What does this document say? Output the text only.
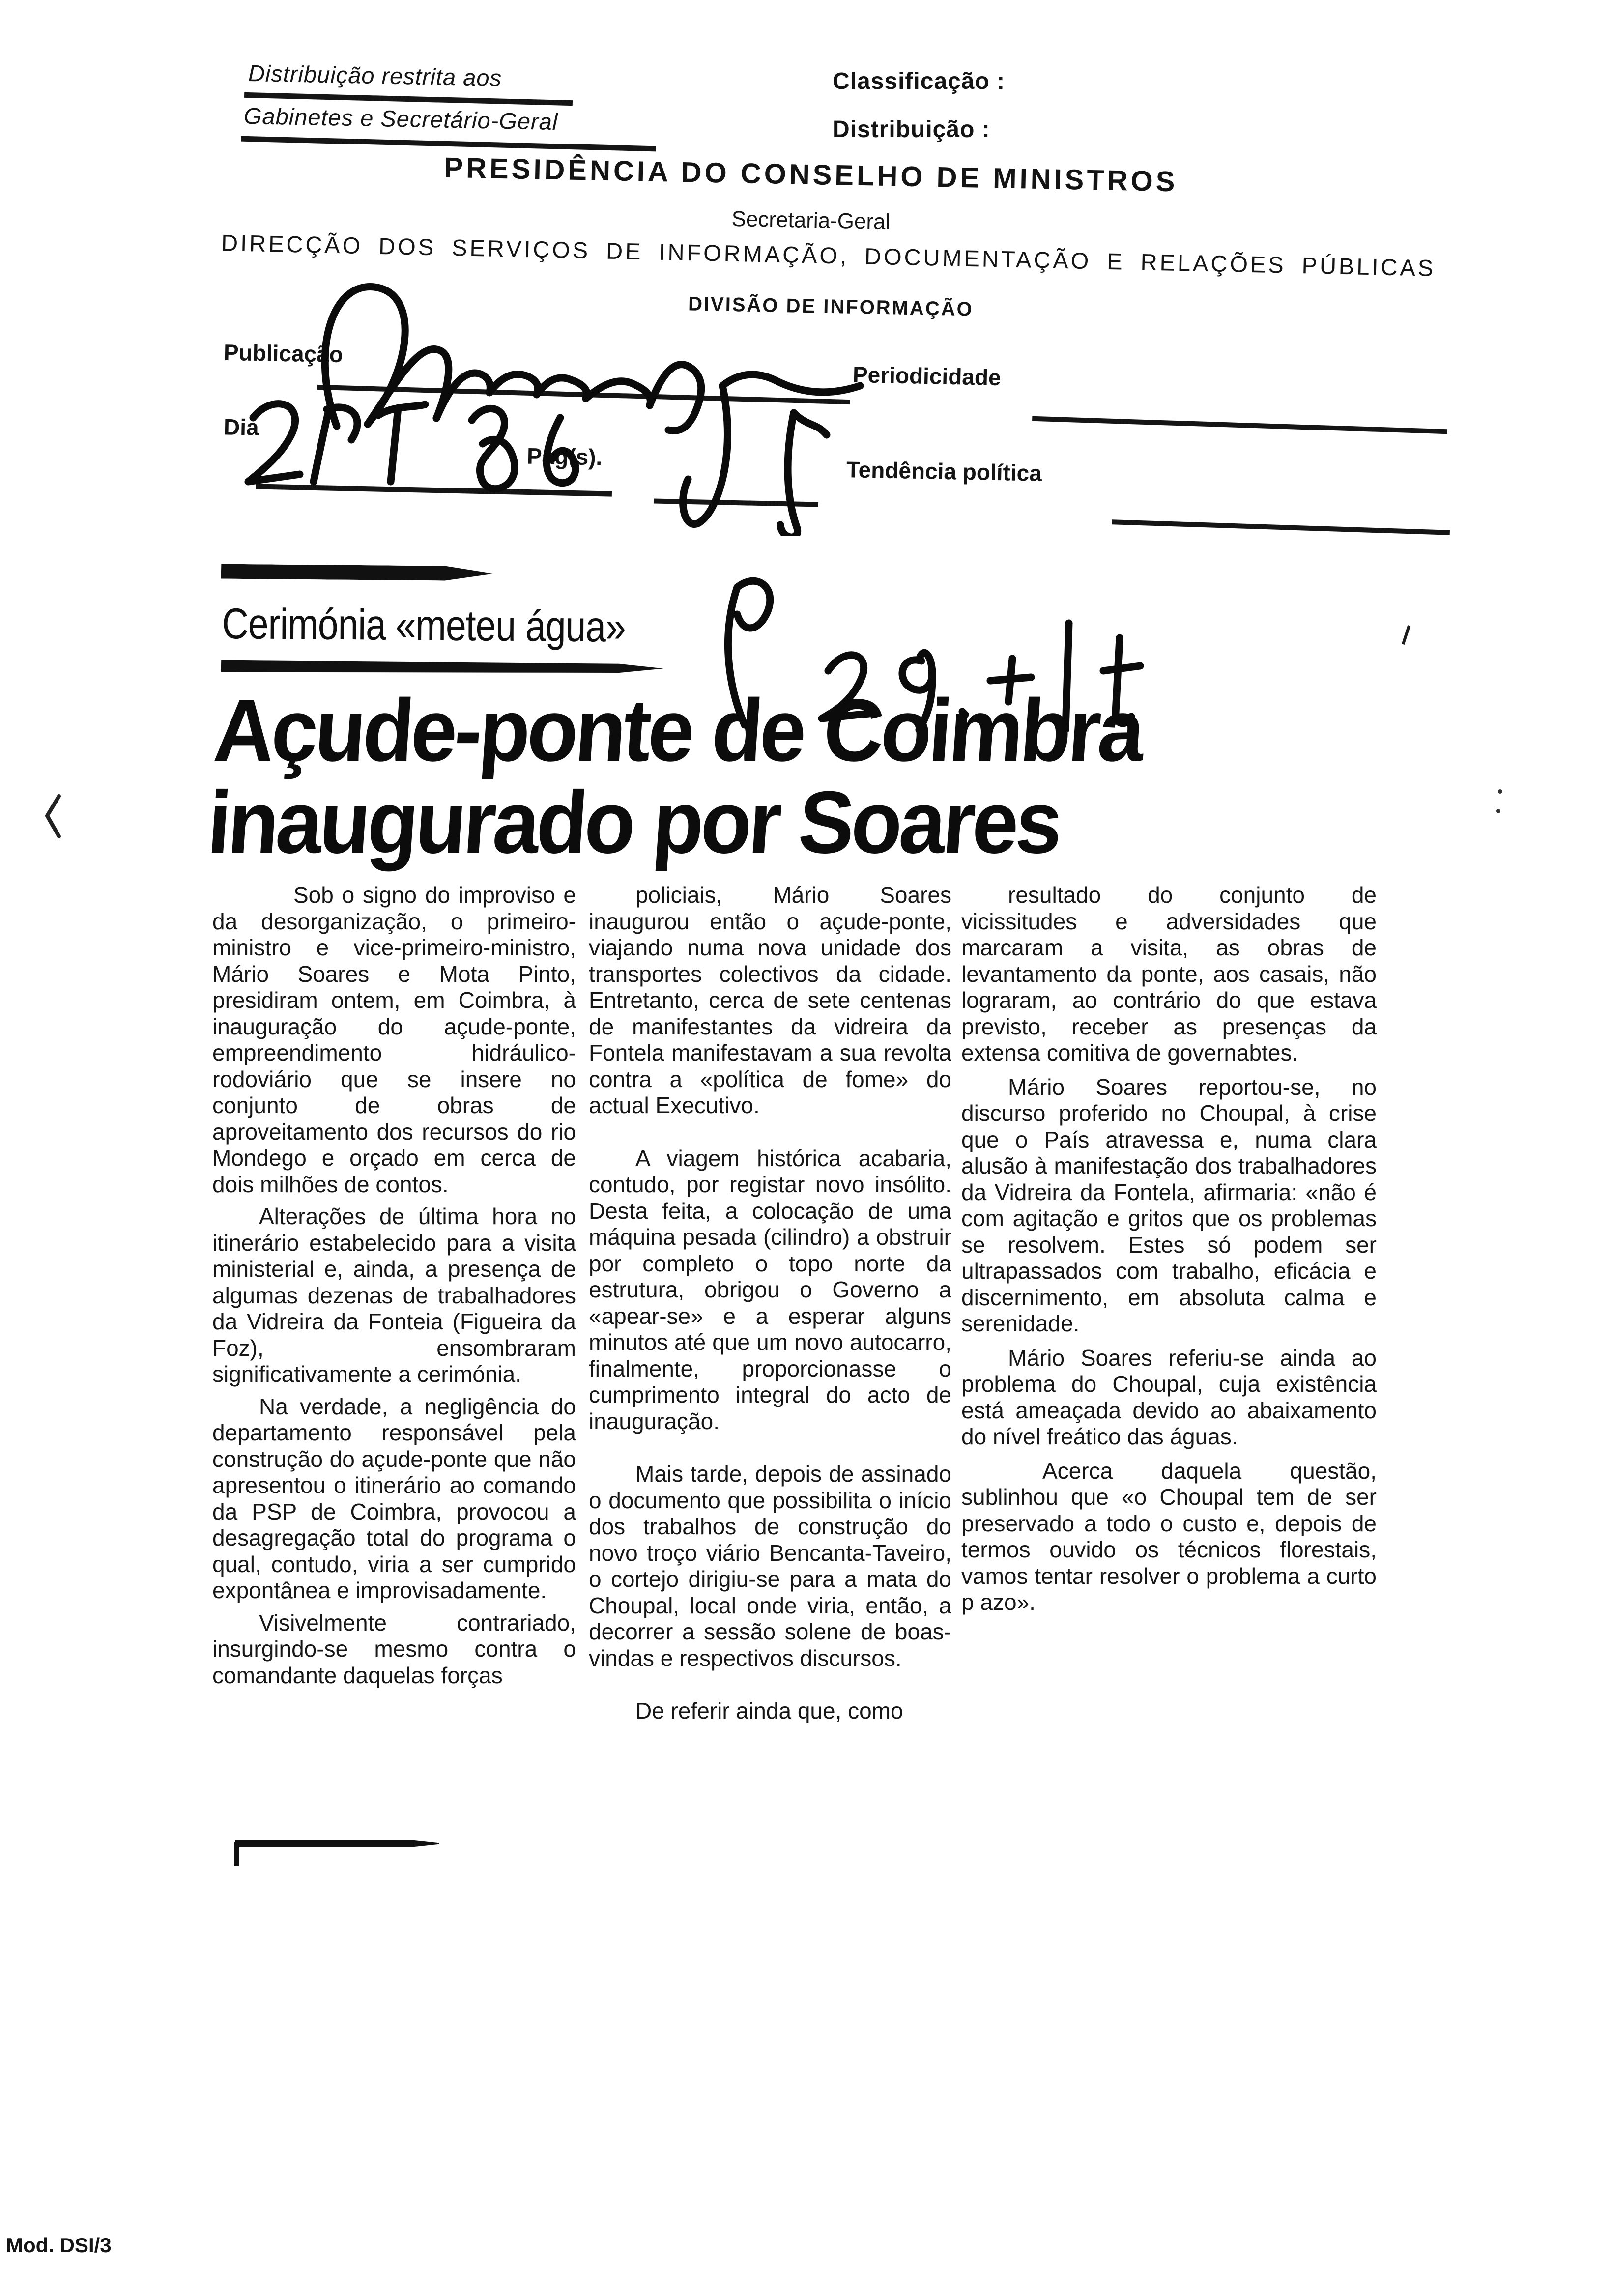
Distribuição restrita aos
Gabinetes e Secretário-Geral
Classificação :
Distribuição :
PRESIDÊNCIA DO CONSELHO DE MINISTROS
Secretaria-Geral
DIRECÇÃO DOS SERVIÇOS DE INFORMAÇÃO, DOCUMENTAÇÃO E RELAÇÕES PÚBLICAS
DIVISÃO DE INFORMAÇÃO
Publicação
Periodicidade
Dia
Pág(s).
Tendência política
Cerimónia «meteu água»
Açude-ponte de Coimbra
inaugurado por Soares

Sob o signo do improviso e da desorganização, o primeiro-ministro e vice-primeiro-ministro, Mário Soares e Mota Pinto, presidiram ontem, em Coimbra, à inauguração do açude-ponte, empreendimento hidráulico-rodoviário que se insere no conjunto de obras de aproveitamento dos recursos do rio Mondego e orçado em cerca de dois milhões de contos.

Alterações de última hora no itinerário estabelecido para a visita ministerial e, ainda, a presença de algumas dezenas de trabalhadores da Vidreira da Fonteia (Figueira da Foz), ensombraram significativamente a cerimónia.

Na verdade, a negligência do departamento responsável pela construção do açude-ponte que não apresentou o itinerário ao comando da PSP de Coimbra, provocou a desagregação total do programa o qual, contudo, viria a ser cumprido expontânea e improvisadamente.

Visivelmente contrariado, insurgindo-se mesmo contra o comandante daquelas forças

policiais, Mário Soares inaugurou então o açude-ponte, viajando numa nova unidade dos transportes colectivos da cidade. Entretanto, cerca de sete centenas de manifestantes da vidreira da Fontela manifestavam a sua revolta contra a «política de fome» do actual Executivo.

A viagem histórica acabaria, contudo, por registar novo insólito. Desta feita, a colocação de uma máquina pesada (cilindro) a obstruir por completo o topo norte da estrutura, obrigou o Governo a «apear-se» e a esperar alguns minutos até que um novo autocarro, finalmente, proporcionasse o cumprimento integral do acto de inauguração.

Mais tarde, depois de assinado o documento que possibilita o início dos trabalhos de construção do novo troço viário Bencanta-Taveiro, o cortejo dirigiu-se para a mata do Choupal, local onde viria, então, a decorrer a sessão solene de boas-vindas e respectivos discursos.

De referir ainda que, como

resultado do conjunto de vicissitudes e adversidades que marcaram a visita, as obras de levantamento da ponte, aos casais, não lograram, ao contrário do que estava previsto, receber as presenças da extensa comitiva de governabtes.

Mário Soares reportou-se, no discurso proferido no Choupal, à crise que o País atravessa e, numa clara alusão à manifestação dos trabalhadores da Vidreira da Fontela, afirmaria: «não é com agitação e gritos que os problemas se resolvem. Estes só podem ser ultrapassados com trabalho, eficácia e discernimento, em absoluta calma e serenidade.

Mário Soares referiu-se ainda ao problema do Choupal, cuja existência está ameaçada devido ao abaixamento do nível freático das águas.

Acerca daquela questão, sublinhou que «o Choupal tem de ser preservado a todo o custo e, depois de termos ouvido os técnicos florestais, vamos tentar resolver o problema a curto p azo».

Mod. DSI/3
